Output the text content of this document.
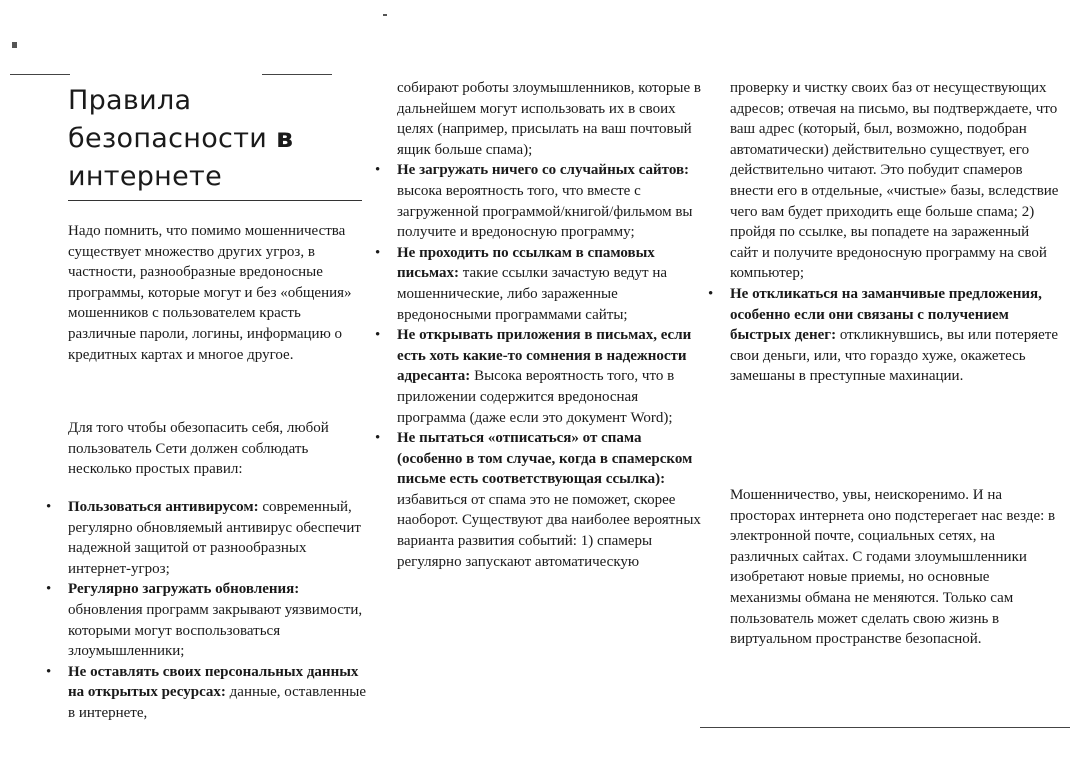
Правила
безопасности в
интернете

Надо помнить, что помимо мошенничества существует множество других угроз, в частности, разнообразные вредоносные программы, которые могут и без «общения» мошенников с пользователем красть различные пароли, логины, информацию о кредитных картах и многое другое.

Для того чтобы обезопасить себя, любой пользователь Сети должен соблюдать несколько простых правил:

• Пользоваться антивирусом: современный, регулярно обновляемый антивирус обеспечит надежной защитой от разнообразных интернет-угроз;
• Регулярно загружать обновления: обновления программ закрывают уязвимости, которыми могут воспользоваться злоумышленники;
• Не оставлять своих персональных данных на открытых ресурсах: данные, оставленные в интернете,
собирают роботы злоумышленников, которые в дальнейшем могут использовать их в своих целях (например, присылать на ваш почтовый ящик больше спама);
• Не загружать ничего со случайных сайтов: высока вероятность того, что вместе с загруженной программой/книгой/фильмом вы получите и вредоносную программу;
• Не проходить по ссылкам в спамовых письмах: такие ссылки зачастую ведут на мошеннические, либо зараженные вредоносными программами сайты;
• Не открывать приложения в письмах, если есть хоть какие-то сомнения в надежности адресанта: Высока вероятность того, что в приложении содержится вредоносная программа (даже если это документ Word);
• Не пытаться «отписаться» от спама (особенно в том случае, когда в спамерском письме есть соответствующая ссылка): избавиться от спама это не поможет, скорее наоборот. Существуют два наиболее вероятных варианта развития событий: 1) спамеры регулярно запускают автоматическую
проверку и чистку своих баз от несуществующих адресов; отвечая на письмо, вы подтверждаете, что ваш адрес (который, был, возможно, подобран автоматически) действительно существует, его действительно читают. Это побудит спамеров внести его в отдельные, «чистые» базы, вследствие чего вам будет приходить еще больше спама; 2) пройдя по ссылке, вы попадете на зараженный сайт и получите вредоносную программу на свой компьютер;
• Не откликаться на заманчивые предложения, особенно если они связаны с получением быстрых денег: откликнувшись, вы или потеряете свои деньги, или, что гораздо хуже, окажетесь замешаны в преступные махинации.

Мошенничество, увы, неискоренимо. И на просторах интернета оно подстерегает нас везде: в электронной почте, социальных сетях, на различных сайтах. С годами злоумышленники изобретают новые приемы, но основные механизмы обмана не меняются. Только сам пользователь может сделать свою жизнь в виртуальном пространстве безопасной.
